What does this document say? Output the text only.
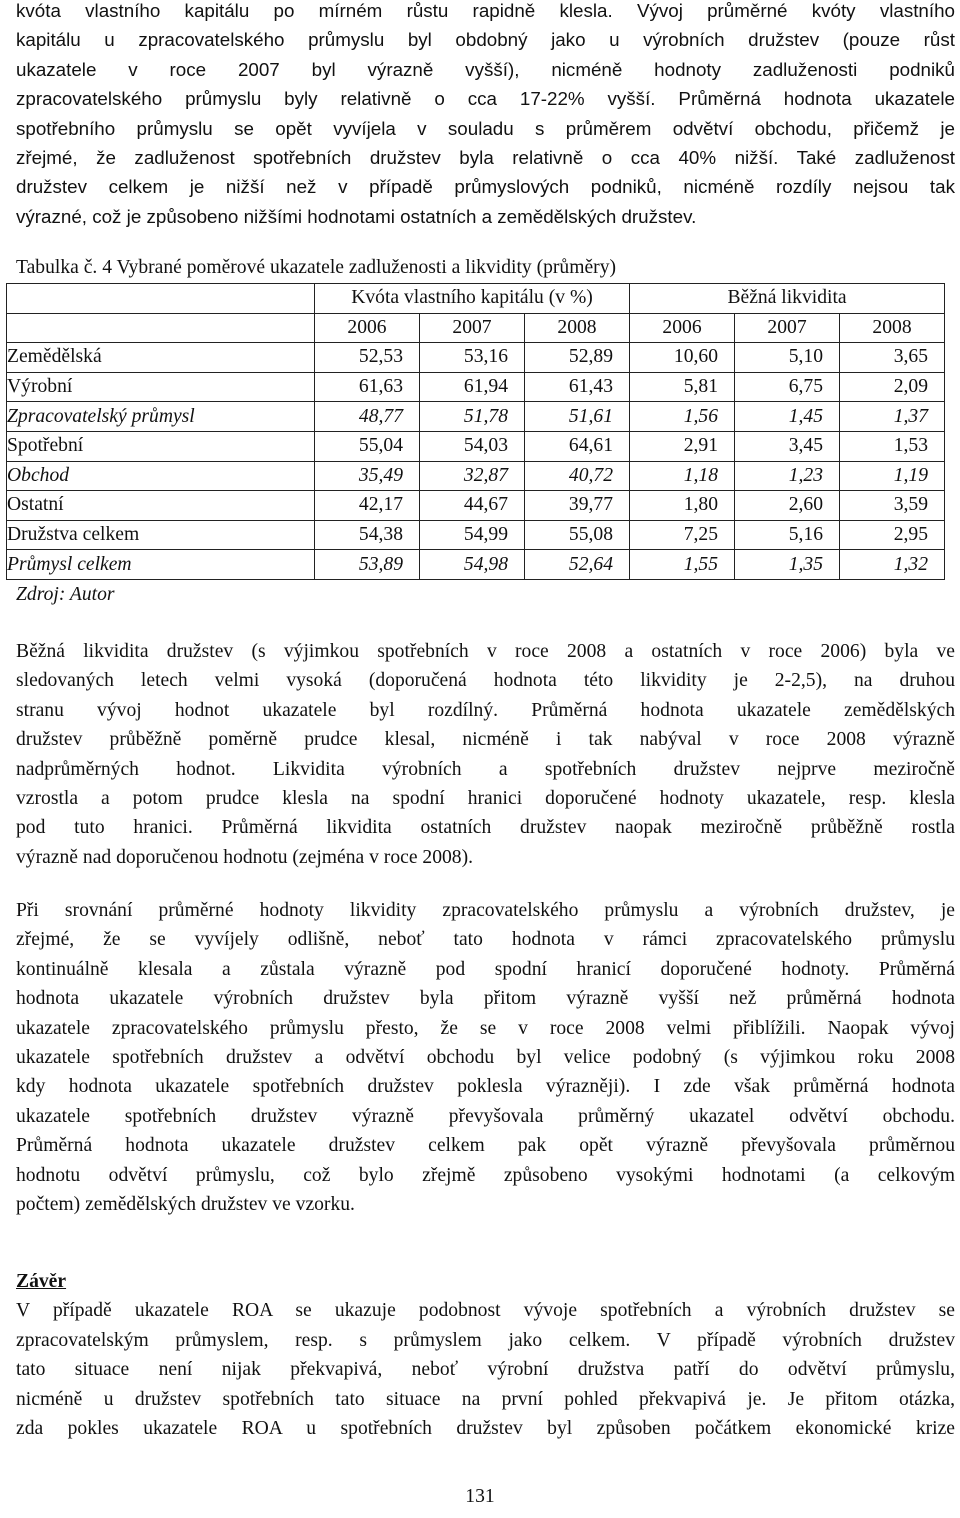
kvóta vlastního kapitálu po mírném růstu rapidně klesla. Vývoj průměrné kvóty vlastního
kapitálu u zpracovatelského průmyslu byl obdobný jako u výrobních družstev (pouze růst
ukazatele v roce 2007 byl výrazně vyšší), nicméně hodnoty zadluženosti podniků
zpracovatelského průmyslu byly relativně o cca 17-22% vyšší. Průměrná hodnota ukazatele
spotřebního průmyslu se opět vyvíjela v souladu s průměrem odvětví obchodu, přičemž je
zřejmé, že zadluženost spotřebních družstev byla relativně o cca 40% nižší. Také zadluženost
družstev celkem je nižší než v případě průmyslových podniků, nicméně rozdíly nejsou tak
výrazné, což je způsobeno nižšími hodnotami ostatních a zemědělských družstev.
Tabulka č. 4 Vybrané poměrové ukazatele zadluženosti a likvidity (průměry)
	Kvóta vlastního kapitálu (v %)			Běžná likvidita		
	2006	2007	2008	2006	2007	2008
Zemědělská	52,53	53,16	52,89	10,60	5,10	3,65
Výrobní	61,63	61,94	61,43	5,81	6,75	2,09
Zpracovatelský průmysl	48,77	51,78	51,61	1,56	1,45	1,37
Spotřební	55,04	54,03	64,61	2,91	3,45	1,53
Obchod	35,49	32,87	40,72	1,18	1,23	1,19
Ostatní	42,17	44,67	39,77	1,80	2,60	3,59
Družstva celkem	54,38	54,99	55,08	7,25	5,16	2,95
Průmysl celkem	53,89	54,98	52,64	1,55	1,35	1,32
Zdroj: Autor
Běžná likvidita družstev (s výjimkou spotřebních v roce 2008 a ostatních v roce 2006) byla ve
sledovaných letech velmi vysoká (doporučená hodnota této likvidity je 2-2,5), na druhou
stranu vývoj hodnot ukazatele byl rozdílný. Průměrná hodnota ukazatele zemědělských
družstev průběžně poměrně prudce klesal, nicméně i tak nabýval v roce 2008 výrazně
nadprůměrných hodnot. Likvidita výrobních a spotřebních družstev nejprve meziročně
vzrostla a potom prudce klesla na spodní hranici doporučené hodnoty ukazatele, resp. klesla
pod tuto hranici. Průměrná likvidita ostatních družstev naopak meziročně průběžně rostla
výrazně nad doporučenou hodnotu (zejména v roce 2008).
Při srovnání průměrné hodnoty likvidity zpracovatelského průmyslu a výrobních družstev, je
zřejmé, že se vyvíjely odlišně, neboť tato hodnota v rámci zpracovatelského průmyslu
kontinuálně klesala a zůstala výrazně pod spodní hranicí doporučené hodnoty. Průměrná
hodnota ukazatele výrobních družstev byla přitom výrazně vyšší než průměrná hodnota
ukazatele zpracovatelského průmyslu přesto, že se v roce 2008 velmi přiblížili. Naopak vývoj
ukazatele spotřebních družstev a odvětví obchodu byl velice podobný (s výjimkou roku 2008
kdy hodnota ukazatele spotřebních družstev poklesla výrazněji). I zde však průměrná hodnota
ukazatele spotřebních družstev výrazně převyšovala průměrný ukazatel odvětví obchodu.
Průměrná hodnota ukazatele družstev celkem pak opět výrazně převyšovala průměrnou
hodnotu odvětví průmyslu, což bylo zřejmě způsobeno vysokými hodnotami (a celkovým
počtem) zemědělských družstev ve vzorku.
Závěr
V případě ukazatele ROA se ukazuje podobnost vývoje spotřebních a výrobních družstev se
zpracovatelským průmyslem, resp. s průmyslem jako celkem. V případě výrobních družstev
tato situace není nijak překvapivá, neboť výrobní družstva patří do odvětví průmyslu,
nicméně u družstev spotřebních tato situace na první pohled překvapivá je. Je přitom otázka,
zda pokles ukazatele ROA u spotřebních družstev byl způsoben počátkem ekonomické krize
131
